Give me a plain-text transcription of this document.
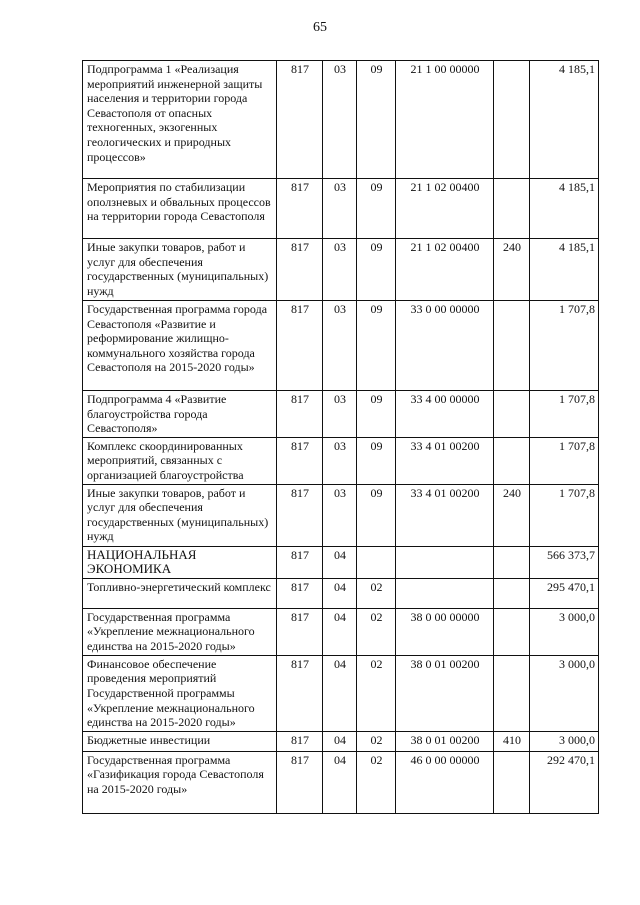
65
Подпрограмма 1 «Реализация мероприятий инженерной защиты населения и территории города Севастополя от опасных техногенных, экзогенных геологических и природных процессов»	817	03	09	21 1 00 00000		4 185,1
Мероприятия по стабилизации оползневых и обвальных процессов на территории города Севастополя	817	03	09	21 1 02 00400		4 185,1
Иные закупки товаров, работ и услуг для обеспечения государственных (муниципальных) нужд	817	03	09	21 1 02 00400	240	4 185,1
Государственная программа города Севастополя «Развитие и реформирование жилищно-коммунального хозяйства города Севастополя на 2015-2020 годы»	817	03	09	33 0 00 00000		1 707,8
Подпрограмма 4 «Развитие благоустройства города Севастополя»	817	03	09	33 4 00 00000		1 707,8
Комплекс скоординированных мероприятий, связанных с организацией благоустройства	817	03	09	33 4 01 00200		1 707,8
Иные закупки товаров, работ и услуг для обеспечения государственных (муниципальных) нужд	817	03	09	33 4 01 00200	240	1 707,8
НАЦИОНАЛЬНАЯ ЭКОНОМИКА	817	04				566 373,7
Топливно-энергетический комплекс	817	04	02			295 470,1
Государственная программа «Укрепление межнационального единства на 2015-2020 годы»	817	04	02	38 0 00 00000		3 000,0
Финансовое обеспечение проведения мероприятий Государственной программы «Укрепление межнационального единства на 2015-2020 годы»	817	04	02	38 0 01 00200		3 000,0
Бюджетные инвестиции	817	04	02	38 0 01 00200	410	3 000,0
Государственная программа «Газификация города Севастополя на 2015-2020 годы»	817	04	02	46 0 00 00000		292 470,1
